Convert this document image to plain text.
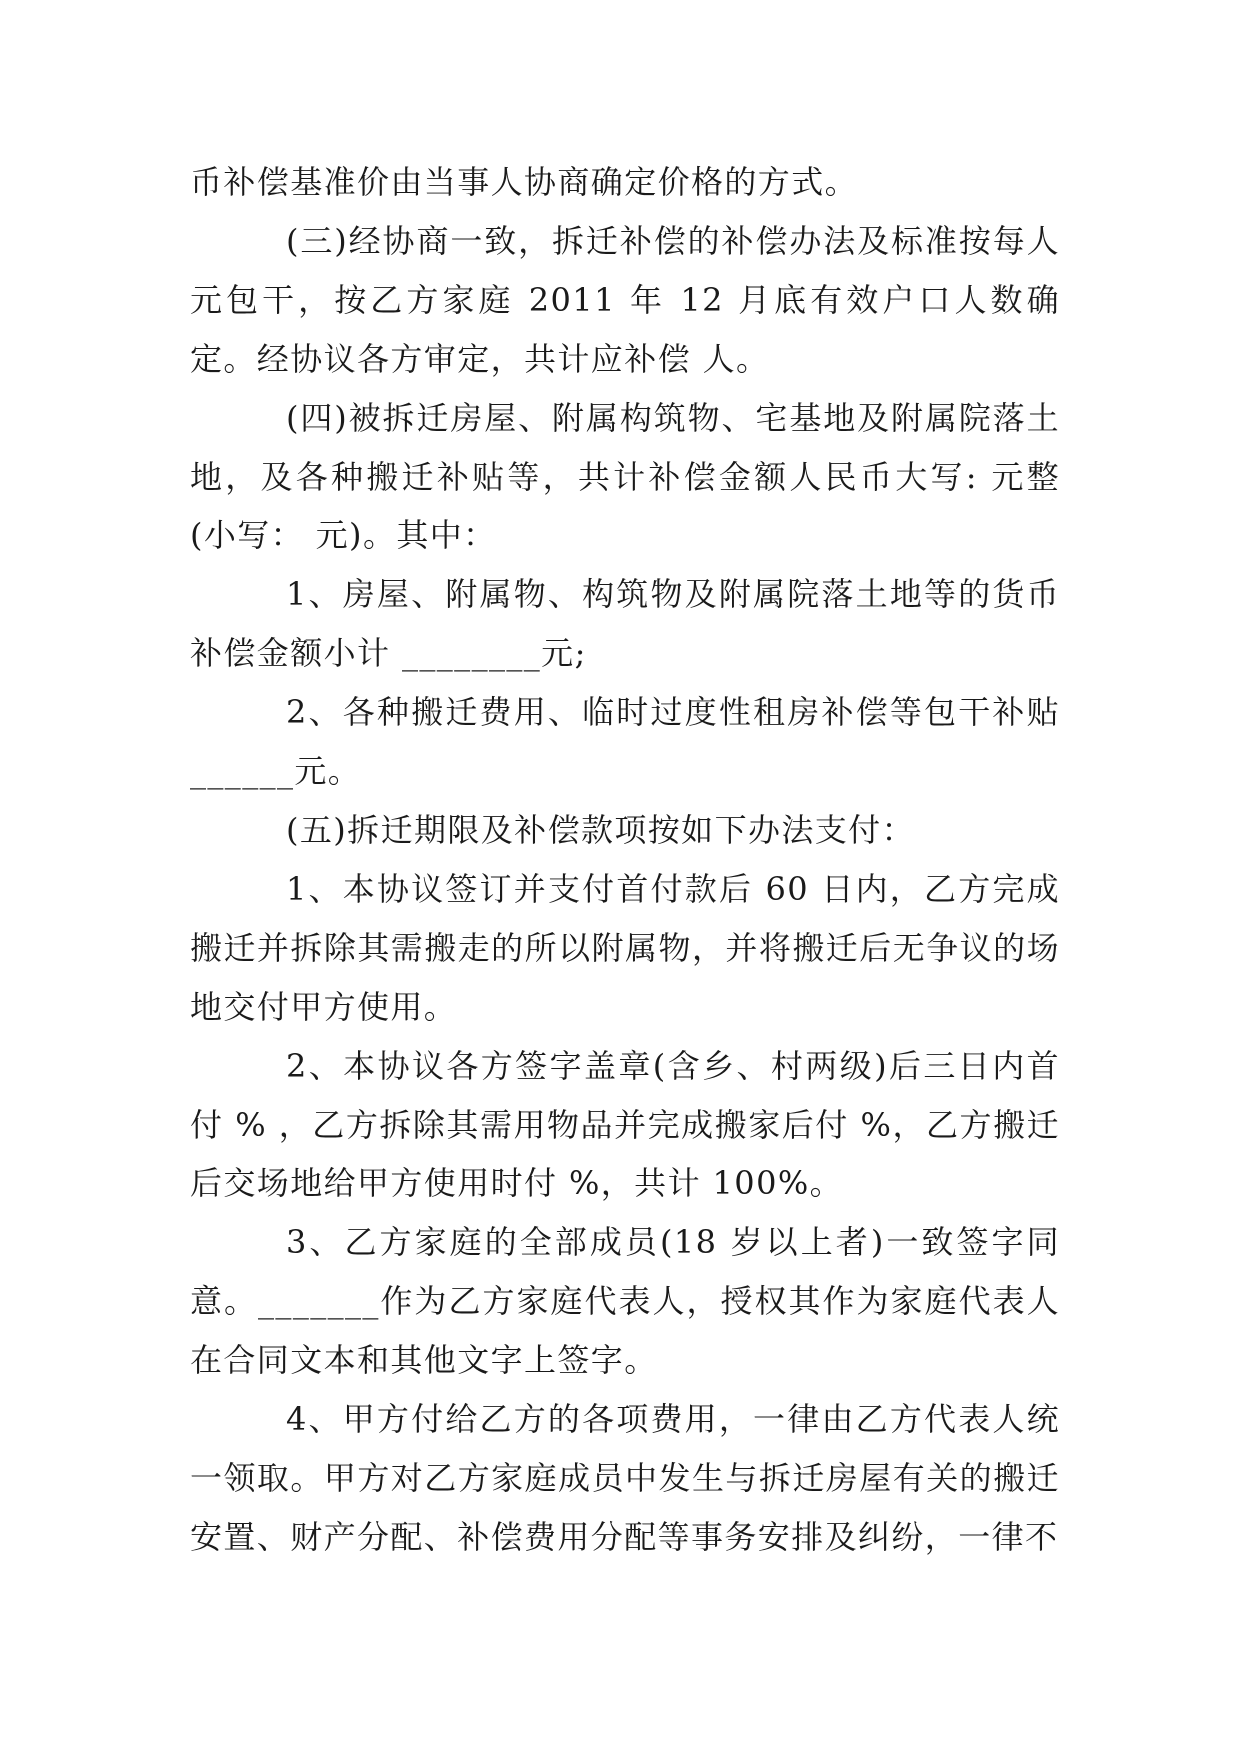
币补偿基准价由当事人协商确定价格的方式。

(三)经协商一致，拆迁补偿的补偿办法及标准按每人元包干，按乙方家庭 2011 年 12 月底有效户口人数确定。经协议各方审定，共计应补偿 人。

(四)被拆迁房屋、附属构筑物、宅基地及附属院落土地，及各种搬迁补贴等，共计补偿金额人民币大写: 元整(小写： 元)。其中：

1、房屋、附属物、构筑物及附属院落土地等的货币补偿金额小计 ________元;

2、各种搬迁费用、临时过度性租房补偿等包干补贴______元。

(五)拆迁期限及补偿款项按如下办法支付：

1、本协议签订并支付首付款后 60 日内，乙方完成搬迁并拆除其需搬走的所以附属物，并将搬迁后无争议的场地交付甲方使用。

2、本协议各方签字盖章(含乡、村两级)后三日内首付 % ，乙方拆除其需用物品并完成搬家后付 %，乙方搬迁后交场地给甲方使用时付 %，共计 100%。

3、乙方家庭的全部成员(18 岁以上者)一致签字同意。_______作为乙方家庭代表人，授权其作为家庭代表人在合同文本和其他文字上签字。

4、甲方付给乙方的各项费用，一律由乙方代表人统一领取。甲方对乙方家庭成员中发生与拆迁房屋有关的搬迁安置、财产分配、补偿费用分配等事务安排及纠纷，一律不
